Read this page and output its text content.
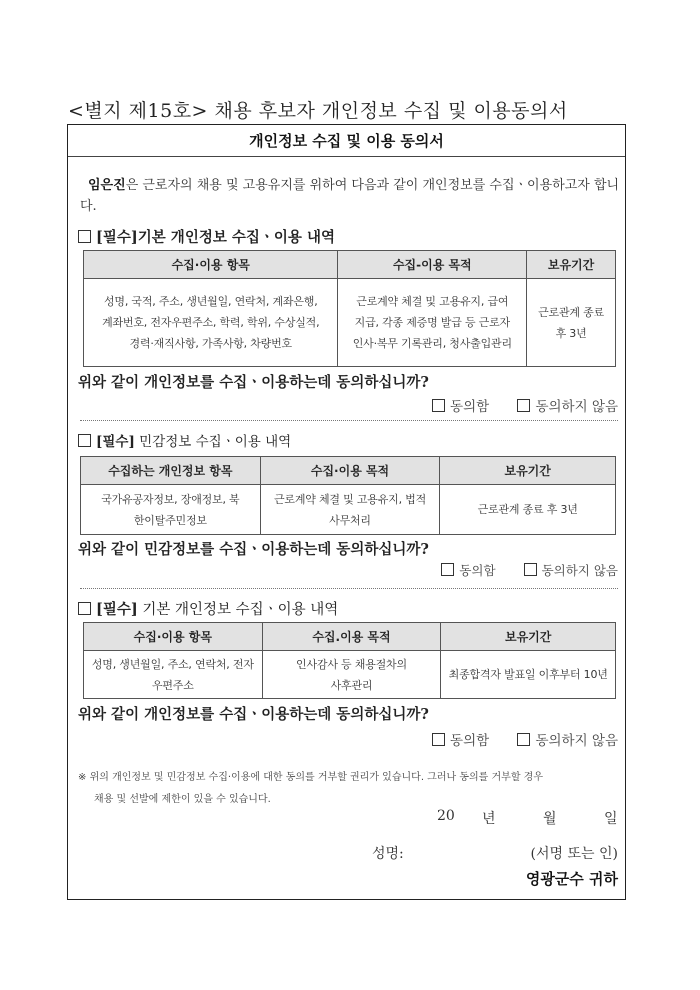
<별지 제15호> 채용 후보자 개인정보 수집 및 이용동의서
개인정보 수집 및 이용 동의서
임은진은 근로자의 채용 및 고용유지를 위하여 다음과 같이 개인정보를 수집ㆍ이용하고자 합니다.
[필수]기본 개인정보 수집ㆍ이용 내역
수집·이용 항목	수집-이용 목적	보유기간
성명, 국적, 주소, 생년월일, 연락처, 계좌은행, 계좌번호, 전자우편주소, 학력, 학위, 수상실적, 경력·재직사항, 가족사항, 차량번호	근로계약 체결 및 고용유지, 급여지급, 각종 제증명 발급 등 근로자 인사·복무 기록관리, 청사출입관리	근로관계 종료 후 3년
위와 같이 개인정보를 수집ㆍ이용하는데 동의하십니까?
동의함	동의하지 않음
[필수] 민감정보 수집ㆍ이용 내역
수집하는 개인정보 항목	수집·이용 목적	보유기간
국가유공자정보, 장애정보, 북한이탈주민정보	근로계약 체결 및 고용유지, 법적사무처리	근로관계 종료 후 3년
위와 같이 민감정보를 수집ㆍ이용하는데 동의하십니까?
동의함	동의하지 않음
[필수] 기본 개인정보 수집ㆍ이용 내역
수집·이용 항목	수집.이용 목적	보유기간
성명, 생년월일, 주소, 연락처, 전자우편주소	인사감사 등 채용절차의 사후관리	최종합격자 발표일 이후부터 10년
위와 같이 개인정보를 수집ㆍ이용하는데 동의하십니까?
동의함	동의하지 않음
※ 위의 개인정보 및 민감정보 수집·이용에 대한 동의를 거부할 권리가 있습니다. 그러나 동의를 거부할 경우
채용 및 선발에 제한이 있을 수 있습니다.
20 년	월	일
성명:	(서명 또는 인)
영광군수 귀하
